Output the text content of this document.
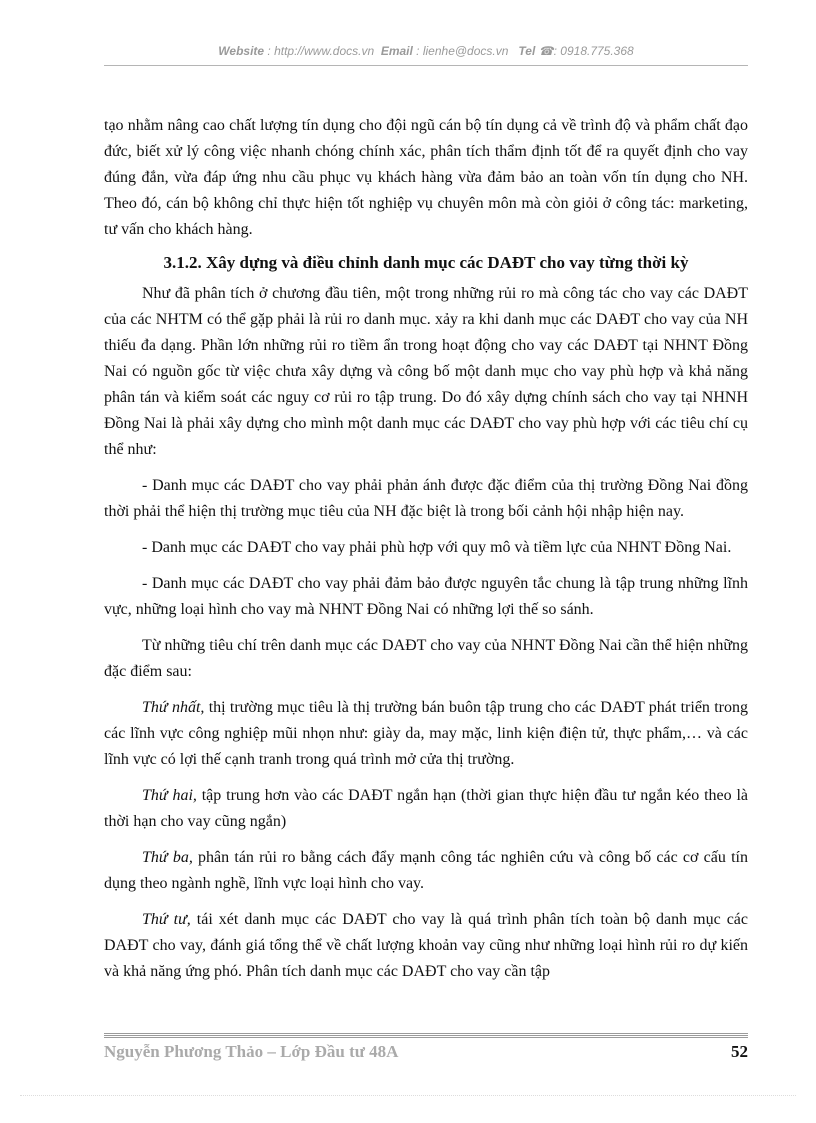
Website : http://www.docs.vn Email : lienhe@docs.vn Tel ☎: 0918.775.368

tạo nhằm nâng cao chất lượng tín dụng cho đội ngũ cán bộ tín dụng cả về trình độ và phẩm chất đạo đức, biết xử lý công việc nhanh chóng chính xác, phân tích thẩm định tốt để ra quyết định cho vay đúng đắn, vừa đáp ứng nhu cầu phục vụ khách hàng vừa đảm bảo an toàn vốn tín dụng cho NH. Theo đó, cán bộ không chỉ thực hiện tốt nghiệp vụ chuyên môn mà còn giỏi ở công tác: marketing, tư vấn cho khách hàng.

3.1.2. Xây dựng và điều chỉnh danh mục các DAĐT cho vay từng thời kỳ

Như đã phân tích ở chương đầu tiên, một trong những rủi ro mà công tác cho vay các DAĐT của các NHTM có thể gặp phải là rủi ro danh mục. xảy ra khi danh mục các DAĐT cho vay của NH thiếu đa dạng. Phần lớn những rủi ro tiềm ẩn trong hoạt động cho vay các DAĐT tại NHNT Đồng Nai có nguồn gốc từ việc chưa xây dựng và công bố một danh mục cho vay phù hợp và khả năng phân tán và kiểm soát các nguy cơ rủi ro tập trung. Do đó xây dựng chính sách cho vay tại NHNH Đồng Nai là phải xây dựng cho mình một danh mục các DAĐT cho vay phù hợp với các tiêu chí cụ thể như:

- Danh mục các DAĐT cho vay phải phản ánh được đặc điểm của thị trường Đồng Nai đồng thời phải thể hiện thị trường mục tiêu của NH đặc biệt là trong bối cảnh hội nhập hiện nay.

- Danh mục các DAĐT cho vay phải phù hợp với quy mô và tiềm lực của NHNT Đồng Nai.

- Danh mục các DAĐT cho vay phải đảm bảo được nguyên tắc chung là tập trung những lĩnh vực, những loại hình cho vay mà NHNT Đồng Nai có những lợi thế so sánh.

Từ những tiêu chí trên danh mục các DAĐT cho vay của NHNT Đồng Nai cần thể hiện những đặc điểm sau:

Thứ nhất, thị trường mục tiêu là thị trường bán buôn tập trung cho các DAĐT phát triển trong các lĩnh vực công nghiệp mũi nhọn như: giày da, may mặc, linh kiện điện tử, thực phẩm,… và các lĩnh vực có lợi thế cạnh tranh trong quá trình mở cửa thị trường.

Thứ hai, tập trung hơn vào các DAĐT ngắn hạn (thời gian thực hiện đầu tư ngắn kéo theo là thời hạn cho vay cũng ngắn)

Thứ ba, phân tán rủi ro bằng cách đẩy mạnh công tác nghiên cứu và công bố các cơ cấu tín dụng theo ngành nghề, lĩnh vực loại hình cho vay.

Thứ tư, tái xét danh mục các DAĐT cho vay là quá trình phân tích toàn bộ danh mục các DAĐT cho vay, đánh giá tổng thể về chất lượng khoản vay cũng như những loại hình rủi ro dự kiến và khả năng ứng phó. Phân tích danh mục các DAĐT cho vay cần tập

Nguyễn Phương Thảo – Lớp Đầu tư 48A	52
